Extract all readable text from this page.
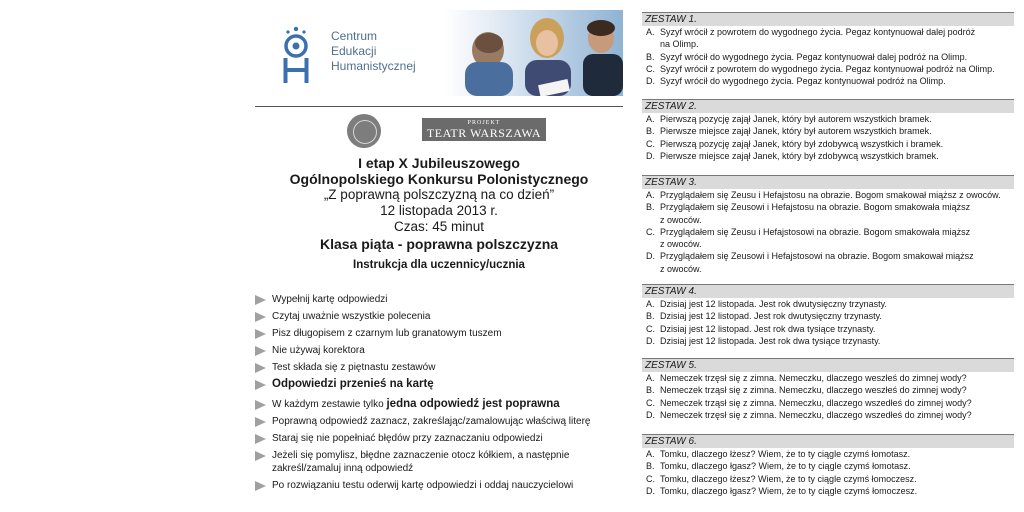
Centrum
Edukacji
Humanistycznej
PROJEKT
TEATR WARSZAWA
I etap X Jubileuszowego
Ogólnopolskiego Konkursu Polonistycznego
„Z poprawną polszczyzną na co dzień”
12 listopada 2013 r.
Czas: 45 minut
Klasa piąta - poprawna polszczyzna
Instrukcja dla uczennicy/ucznia
Wypełnij kartę odpowiedzi
Czytaj uważnie wszystkie polecenia
Pisz długopisem z czarnym lub granatowym tuszem
Nie używaj korektora
Test składa się z piętnastu zestawów
Odpowiedzi przenieś na kartę
W każdym zestawie tylko jedna odpowiedź jest poprawna
Poprawną odpowiedź zaznacz, zakreślając/zamalowując właściwą literę
Staraj się nie popełniać błędów przy zaznaczaniu odpowiedzi
Jeżeli się pomylisz, błędne zaznaczenie otocz kółkiem, a następnie zakreśl/zamaluj inną odpowiedź
Po rozwiązaniu testu oderwij kartę odpowiedzi i oddaj nauczycielowi
ZESTAW 1.
A. Syzyf wrócił z powrotem do wygodnego życia. Pegaz kontynuował dalej podróż
na Olimp.
B. Syzyf wrócił do wygodnego życia. Pegaz kontynuował dalej podróż na Olimp.
C. Syzyf wrócił z powrotem do wygodnego życia. Pegaz kontynuował podróż na Olimp.
D. Syzyf wrócił do wygodnego życia. Pegaz kontynuował podróż na Olimp.
ZESTAW 2.
A. Pierwszą pozycję zajął Janek, który był autorem wszystkich bramek.
B. Pierwsze miejsce zajął Janek, który był autorem wszystkich bramek.
C. Pierwszą pozycję zajął Janek, który był zdobywcą wszystkich i bramek.
D. Pierwsze miejsce zajął Janek, który był zdobywcą wszystkich bramek.
ZESTAW 3.
A. Przyglądałem się Zeusu i Hefajstosu na obrazie. Bogom smakował miąższ z owoców.
B. Przyglądałem się Zeusowi i Hefajstosu na obrazie. Bogom smakowała miąższ
z owoców.
C. Przyglądałem się Zeusu i Hefajstosowi na obrazie. Bogom smakowała miąższ
z owoców.
D. Przyglądałem się Zeusowi i Hefajstosowi na obrazie. Bogom smakował miąższ
z owoców.
ZESTAW 4.
A. Dzisiaj jest 12 listopada. Jest rok dwutysięczny trzynasty.
B. Dzisiaj jest 12 listopad. Jest rok dwutysięczny trzynasty.
C. Dzisiaj jest 12 listopad. Jest rok dwa tysiące trzynasty.
D. Dzisiaj jest 12 listopada. Jest rok dwa tysiące trzynasty.
ZESTAW 5.
A. Nemeczek trzęsł się z zimna. Nemeczku, dlaczego weszłeś do zimnej wody?
B. Nemeczek trząsł się z zimna. Nemeczku, dlaczego weszłeś do zimnej wody?
C. Nemeczek trząsł się z zimna. Nemeczku, dlaczego wszedłeś do zimnej wody?
D. Nemeczek trzęsł się z zimna. Nemeczku, dlaczego wszedłeś do zimnej wody?
ZESTAW 6.
A. Tomku, dlaczego łżesz? Wiem, że to ty ciągle czymś łomotasz.
B. Tomku, dlaczego łgasz? Wiem, że to ty ciągle czymś łomotasz.
C. Tomku, dlaczego łżesz? Wiem, że to ty ciągle czymś łomoczesz.
D. Tomku, dlaczego łgasz? Wiem, że to ty ciągle czymś łomoczesz.
